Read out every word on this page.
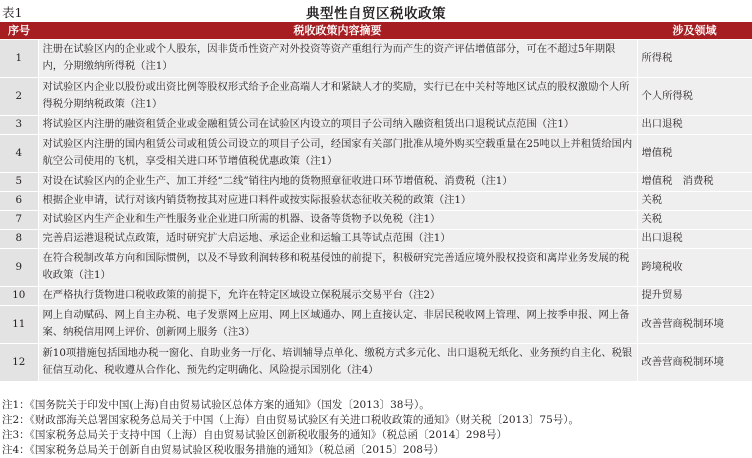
表1	典型性自贸区税收政策
序号	税收政策内容摘要	涉及领域
1	注册在试验区内的企业或个人股东，因非货币性资产对外投资等资产重组行为而产生的资产评估增值部分，可在不超过5年期限内，分期缴纳所得税（注1）	所得税
2	对试验区内企业以股份或出资比例等股权形式给予企业高端人才和紧缺人才的奖励，实行已在中关村等地区试点的股权激励个人所得税分期纳税政策（注1）	个人所得税
3	将试验区内注册的融资租赁企业或金融租赁公司在试验区内设立的项目子公司纳入融资租赁出口退税试点范围（注1）	出口退税
4	对试验区内注册的国内租赁公司或租赁公司设立的项目子公司，经国家有关部门批准从境外购买空载重量在25吨以上并租赁给国内航空公司使用的飞机，享受相关进口环节增值税优惠政策（注1）	增值税
5	对设在试验区内的企业生产、加工并经“二线”销往内地的货物照章征收进口环节增值税、消费税（注1）	增值税　消费税
6	根据企业申请，试行对该内销货物按其对应进口料件或按实际报验状态征收关税的政策（注1）	关税
7	对试验区内生产企业和生产性服务业企业进口所需的机器、设备等货物予以免税（注1）	关税
8	完善启运港退税试点政策，适时研究扩大启运地、承运企业和运输工具等试点范围（注1）	出口退税
9	在符合税制改革方向和国际惯例，以及不导致利润转移和税基侵蚀的前提下，积极研究完善适应境外股权投资和离岸业务发展的税收政策（注1）	跨境税收
10	在严格执行货物进口税收政策的前提下，允许在特定区域设立保税展示交易平台（注2）	提升贸易
11	网上自动赋码、网上自主办税、电子发票网上应用、网上区域通办、网上直接认定、非居民税收网上管理、网上按季申报、网上备案、纳税信用网上评价、创新网上服务（注3）	改善营商税制环境
12	新10项措施包括国地办税一窗化、自助业务一厅化、培训辅导点单化、缴税方式多元化、出口退税无纸化、业务预约自主化、税银征信互动化、税收遵从合作化、预先约定明确化、风险提示国别化（注4）	改善营商税制环境
注1：《国务院关于印发中国(上海)自由贸易试验区总体方案的通知》（国发〔2013〕38号）。
注2：《财政部海关总署国家税务总局关于中国（上海）自由贸易试验区有关进口税收政策的通知》（财关税〔2013〕75号）。
注3：《国家税务总局关于支持中国（上海）自由贸易试验区创新税收服务的通知》（税总函〔2014〕298号）
注4：《国家税务总局关于创新自由贸易试验区税收服务措施的通知》（税总函〔2015〕208号）
